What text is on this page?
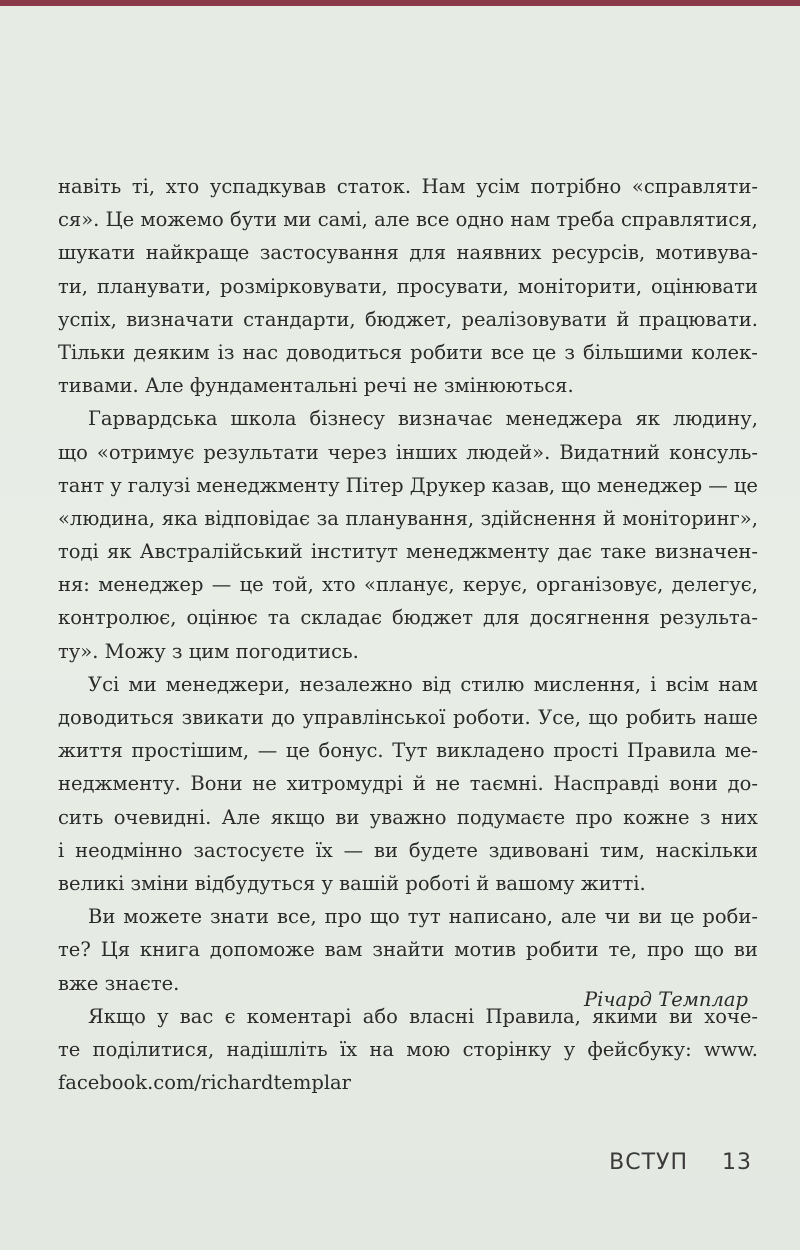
навіть ті, хто успадкував статок. Нам усім потрібно «справляти-
ся». Це можемо бути ми самі, але все одно нам треба справлятися,
шукати найкраще застосування для наявних ресурсів, мотивува-
ти, планувати, розмірковувати, просувати, моніторити, оцінювати
успіх, визначати стандарти, бюджет, реалізовувати й працювати.
Тільки деяким із нас доводиться робити все це з більшими колек-
тивами. Але фундаментальні речі не змінюються.
Гарвардська школа бізнесу визначає менеджера як людину,
що «отримує результати через інших людей». Видатний консуль-
тант у галузі менеджменту Пітер Друкер казав, що менеджер — це
«людина, яка відповідає за планування, здійснення й моніторинг»,
тоді як Австралійський інститут менеджменту дає таке визначен-
ня: менеджер — це той, хто «планує, керує, організовує, делегує,
контролює, оцінює та складає бюджет для досягнення результа-
ту». Можу з цим погодитись.
Усі ми менеджери, незалежно від стилю мислення, і всім нам
доводиться звикати до управлінської роботи. Усе, що робить наше
життя простішим, — це бонус. Тут викладено прості Правила ме-
неджменту. Вони не хитромудрі й не таємні. Насправді вони до-
сить очевидні. Але якщо ви уважно подумаєте про кожне з них
і неодмінно застосуєте їх — ви будете здивовані тим, наскільки
великі зміни відбудуться у вашій роботі й вашому житті.
Ви можете знати все, про що тут написано, але чи ви це роби-
те? Ця книга допоможе вам знайти мотив робити те, про що ви
вже знаєте.
Якщо у вас є коментарі або власні Правила, якими ви хоче-
те поділитися, надішліть їх на мою сторінку у фейсбуку: www.
facebook.com/richardtemplar
Річард Темплар
ВСТУП 13
